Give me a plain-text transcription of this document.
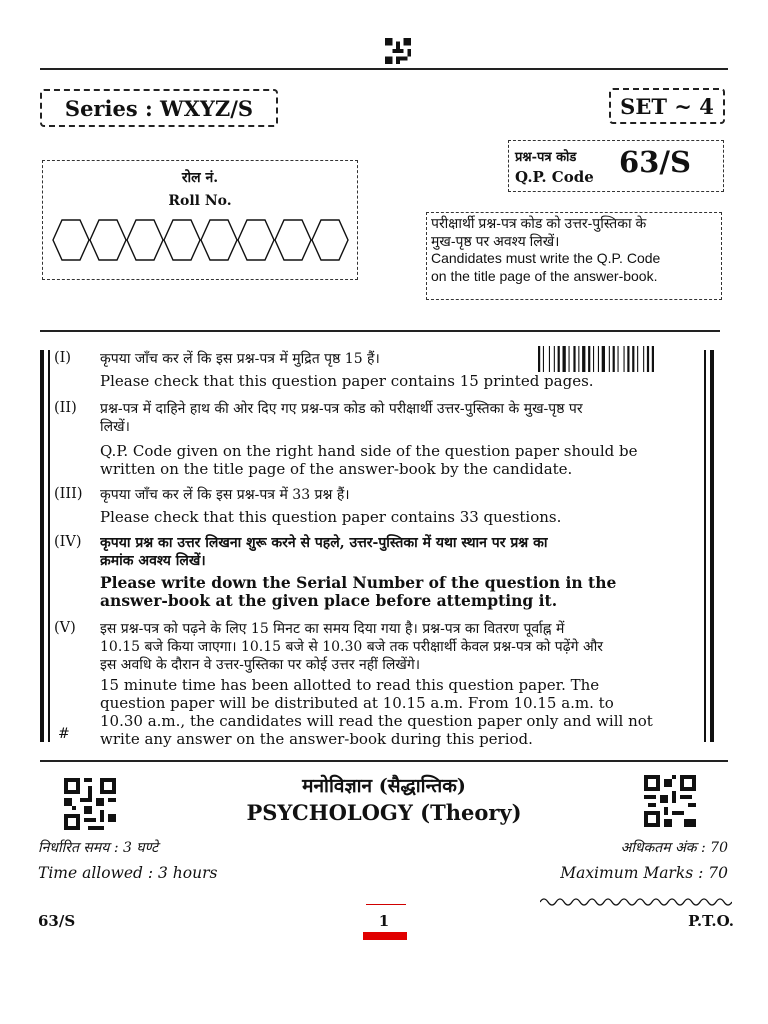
Series : WXYZ/S	SET ~ 4
रोल नं.
Roll No.
प्रश्न-पत्र कोड
Q.P. Code 63/S
परीक्षार्थी प्रश्न-पत्र कोड को उत्तर-पुस्तिका के
मुख-पृष्ठ पर अवश्य लिखें।
Candidates must write the Q.P. Code
on the title page of the answer-book.
(I) कृपया जाँच कर लें कि इस प्रश्न-पत्र में मुद्रित पृष्ठ 15 हैं।
Please check that this question paper contains 15 printed pages.
(II) प्रश्न-पत्र में दाहिने हाथ की ओर दिए गए प्रश्न-पत्र कोड को परीक्षार्थी उत्तर-पुस्तिका के मुख-पृष्ठ पर
लिखें।
Q.P. Code given on the right hand side of the question paper should be
written on the title page of the answer-book by the candidate.
(III) कृपया जाँच कर लें कि इस प्रश्न-पत्र में 33 प्रश्न हैं।
Please check that this question paper contains 33 questions.
(IV) कृपया प्रश्न का उत्तर लिखना शुरू करने से पहले, उत्तर-पुस्तिका में यथा स्थान पर प्रश्न का
क्रमांक अवश्य लिखें।
Please write down the Serial Number of the question in the
answer-book at the given place before attempting it.
(V) इस प्रश्न-पत्र को पढ़ने के लिए 15 मिनट का समय दिया गया है। प्रश्न-पत्र का वितरण पूर्वाह्न में
10.15 बजे किया जाएगा। 10.15 बजे से 10.30 बजे तक परीक्षार्थी केवल प्रश्न-पत्र को पढ़ेंगे और
इस अवधि के दौरान वे उत्तर-पुस्तिका पर कोई उत्तर नहीं लिखेंगे।
15 minute time has been allotted to read this question paper. The
question paper will be distributed at 10.15 a.m. From 10.15 a.m. to
10.30 a.m., the candidates will read the question paper only and will not
write any answer on the answer-book during this period.
#
मनोविज्ञान (सैद्धान्तिक)
PSYCHOLOGY (Theory)
निर्धारित समय : 3 घण्टे
Time allowed : 3 hours
अधिकतम अंक : 70
Maximum Marks : 70
63/S	1	P.T.O.
